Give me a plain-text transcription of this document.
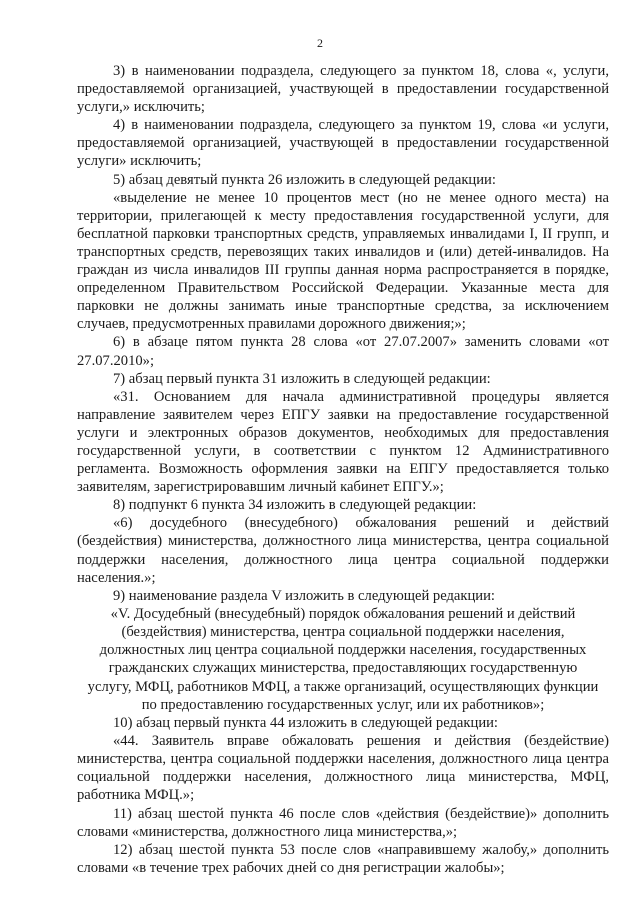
2

3) в наименовании подраздела, следующего за пунктом 18, слова «, услуги, предоставляемой организацией, участвующей в предоставлении государственной услуги,» исключить;

4) в наименовании подраздела, следующего за пунктом 19, слова «и услуги, предоставляемой организацией, участвующей в предоставлении государственной услуги» исключить;

5) абзац девятый пункта 26 изложить в следующей редакции:

«выделение не менее 10 процентов мест (но не менее одного места) на территории, прилегающей к месту предоставления государственной услуги, для бесплатной парковки транспортных средств, управляемых инвалидами I, II групп, и транспортных средств, перевозящих таких инвалидов и (или) детей-инвалидов. На граждан из числа инвалидов III группы данная норма распространяется в порядке, определенном Правительством Российской Федерации. Указанные места для парковки не должны занимать иные транспортные средства, за исключением случаев, предусмотренных правилами дорожного движения;»;

6) в абзаце пятом пункта 28 слова «от 27.07.2007» заменить словами «от 27.07.2010»;

7) абзац первый пункта 31 изложить в следующей редакции:

«31. Основанием для начала административной процедуры является направление заявителем через ЕПГУ заявки на предоставление государственной услуги и электронных образов документов, необходимых для предоставления государственной услуги, в соответствии с пунктом 12 Административного регламента. Возможность оформления заявки на ЕПГУ предоставляется только заявителям, зарегистрировавшим личный кабинет ЕПГУ.»;

8) подпункт 6 пункта 34 изложить в следующей редакции:

«6) досудебного (внесудебного) обжалования решений и действий (бездействия) министерства, должностного лица министерства, центра социальной поддержки населения, должностного лица центра социальной поддержки населения.»;

9) наименование раздела V изложить в следующей редакции:

«V. Досудебный (внесудебный) порядок обжалования решений и действий

(бездействия) министерства, центра социальной поддержки населения,

должностных лиц центра социальной поддержки населения, государственных

гражданских служащих министерства, предоставляющих государственную

услугу, МФЦ, работников МФЦ, а также организаций, осуществляющих функции

по предоставлению государственных услуг, или их работников»;

10) абзац первый пункта 44 изложить в следующей редакции:

«44. Заявитель вправе обжаловать решения и действия (бездействие) министерства, центра социальной поддержки населения, должностного лица центра социальной поддержки населения, должностного лица министерства, МФЦ, работника МФЦ.»;

11) абзац шестой пункта 46 после слов «действия (бездействие)» дополнить словами «министерства, должностного лица министерства,»;

12) абзац шестой пункта 53 после слов «направившему жалобу,» дополнить словами «в течение трех рабочих дней со дня регистрации жалобы»;
